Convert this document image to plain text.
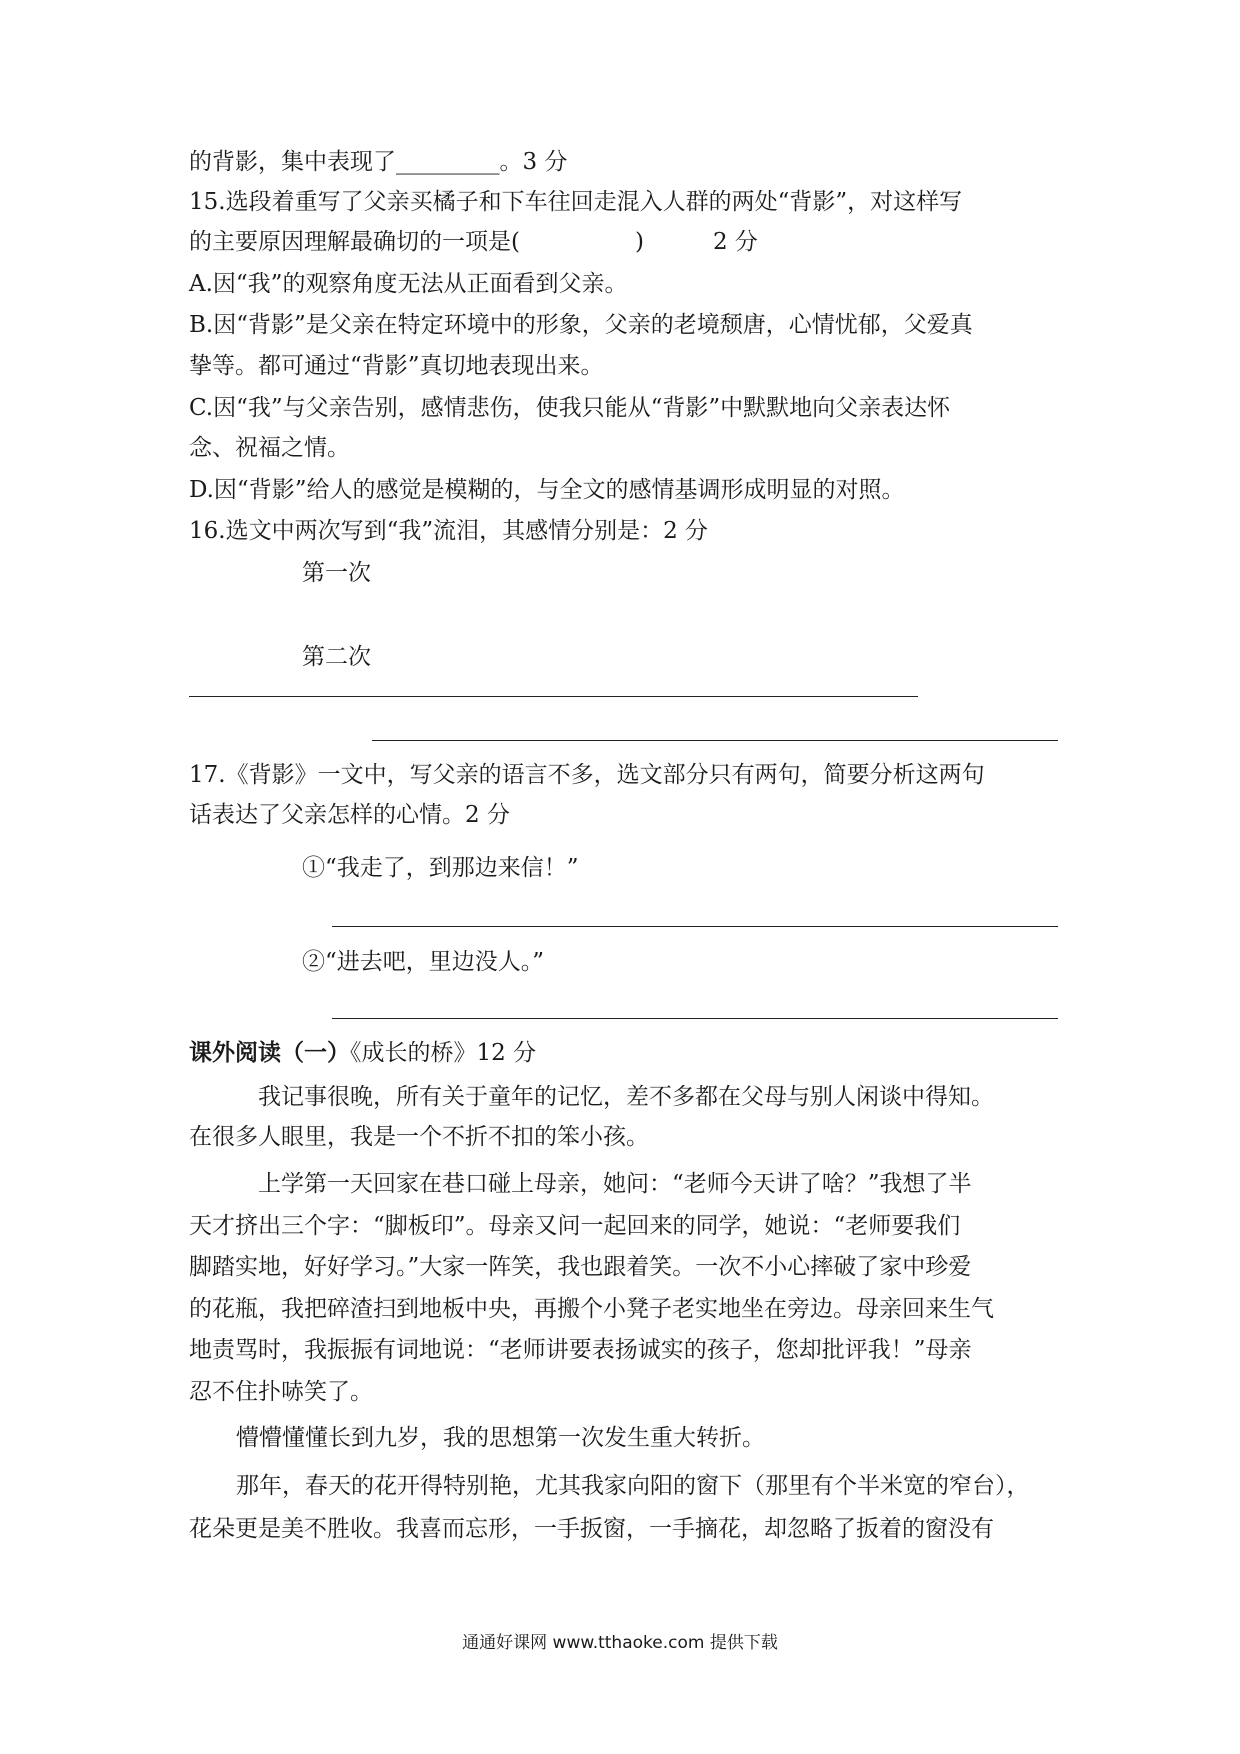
的背影，集中表现了_________。3 分
15.选段着重写了父亲买橘子和下车往回走混入人群的两处“背影”，对这样写
的主要原因理解最确切的一项是(　　　　　)　　　2 分
A.因“我”的观察角度无法从正面看到父亲。
B.因“背影”是父亲在特定环境中的形象，父亲的老境颓唐，心情忧郁，父爱真
挚等。都可通过“背影”真切地表现出来。
C.因“我”与父亲告别，感情悲伤，使我只能从“背影”中默默地向父亲表达怀
念、祝福之情。
D.因“背影”给人的感觉是模糊的，与全文的感情基调形成明显的对照。
16.选文中两次写到“我”流泪，其感情分别是：2 分
第一次
第二次
17.《背影》一文中，写父亲的语言不多，选文部分只有两句，简要分析这两句
话表达了父亲怎样的心情。2 分
①“我走了，到那边来信！”
②“进去吧，里边没人。”
课外阅读（一）《成长的桥》12 分
我记事很晚，所有关于童年的记忆，差不多都在父母与别人闲谈中得知。
在很多人眼里，我是一个不折不扣的笨小孩。
上学第一天回家在巷口碰上母亲，她问：“老师今天讲了啥？”我想了半
天才挤出三个字：“脚板印”。母亲又问一起回来的同学，她说：“老师要我们
脚踏实地，好好学习。”大家一阵笑，我也跟着笑。一次不小心摔破了家中珍爱
的花瓶，我把碎渣扫到地板中央，再搬个小凳子老实地坐在旁边。母亲回来生气
地责骂时，我振振有词地说：“老师讲要表扬诚实的孩子，您却批评我！”母亲
忍不住扑哧笑了。
懵懵懂懂长到九岁，我的思想第一次发生重大转折。
那年，春天的花开得特别艳，尤其我家向阳的窗下（那里有个半米宽的窄台），
花朵更是美不胜收。我喜而忘形，一手扳窗，一手摘花，却忽略了扳着的窗没有
通通好课网 www.tthaoke.com 提供下载
